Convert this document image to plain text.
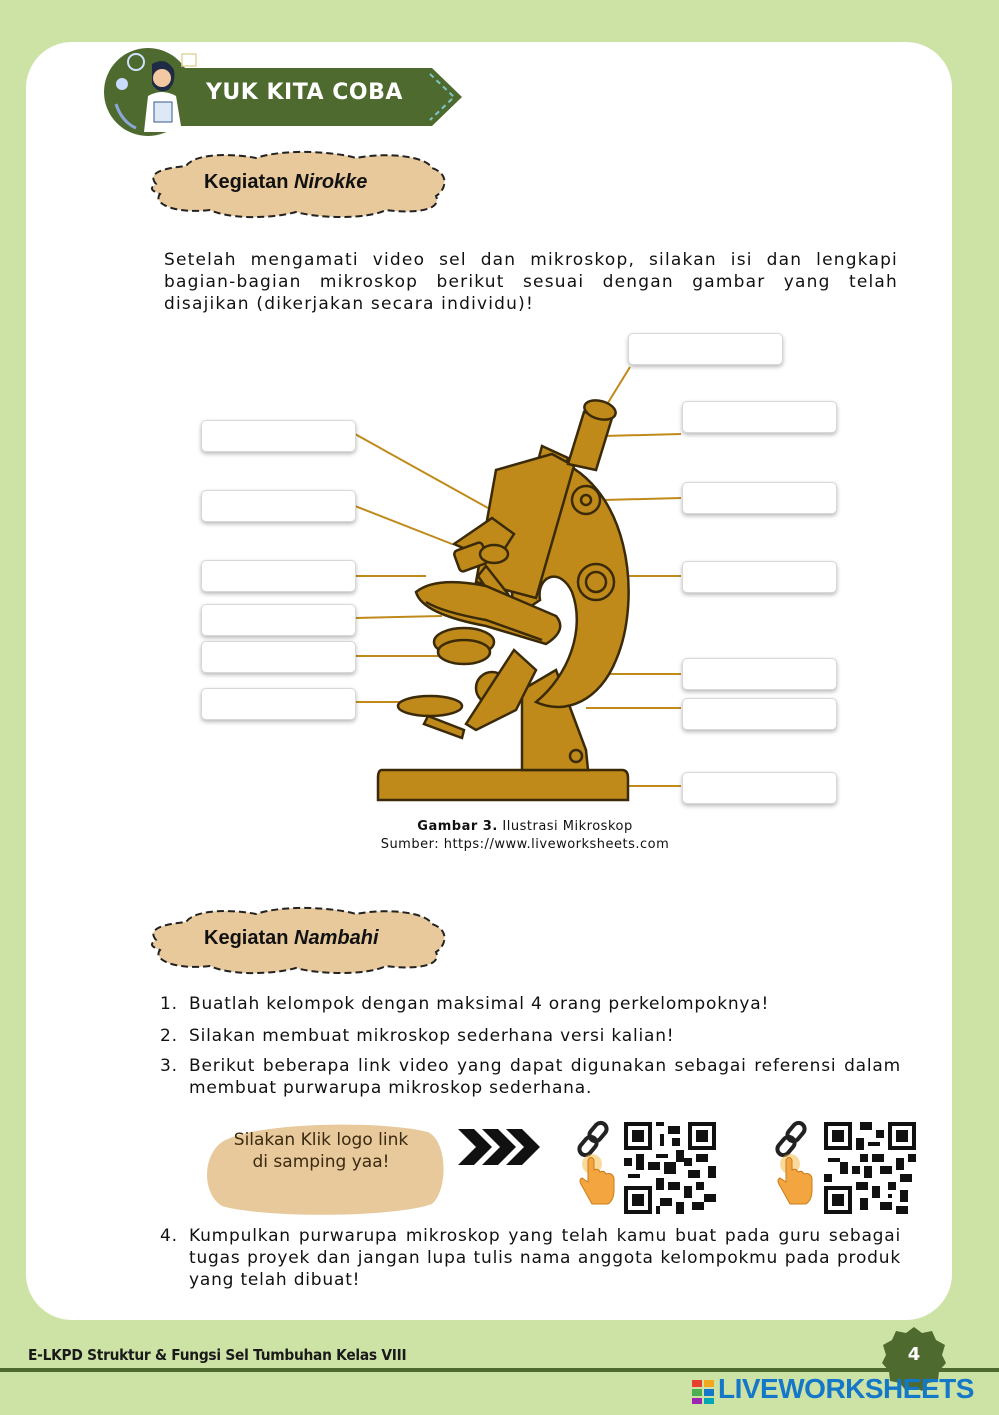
YUK KITA COBA
Kegiatan Nirokke
Setelah mengamati video sel dan mikroskop, silakan isi dan lengkapi bagian-bagian mikroskop berikut sesuai dengan gambar yang telah disajikan (dikerjakan secara individu)!
Gambar 3. Ilustrasi Mikroskop
Sumber: https://www.liveworksheets.com
Kegiatan Nambahi
1. Buatlah kelompok dengan maksimal 4 orang perkelompoknya!
2. Silakan membuat mikroskop sederhana versi kalian!
3. Berikut beberapa link video yang dapat digunakan sebagai referensi dalam membuat purwarupa mikroskop sederhana.
Silakan Klik logo link di samping yaa!
4. Kumpulkan purwarupa mikroskop yang telah kamu buat pada guru sebagai tugas proyek dan jangan lupa tulis nama anggota kelompokmu pada produk yang telah dibuat!
E-LKPD Struktur & Fungsi Sel Tumbuhan Kelas VIII	4
LIVEWORKSHEETS
